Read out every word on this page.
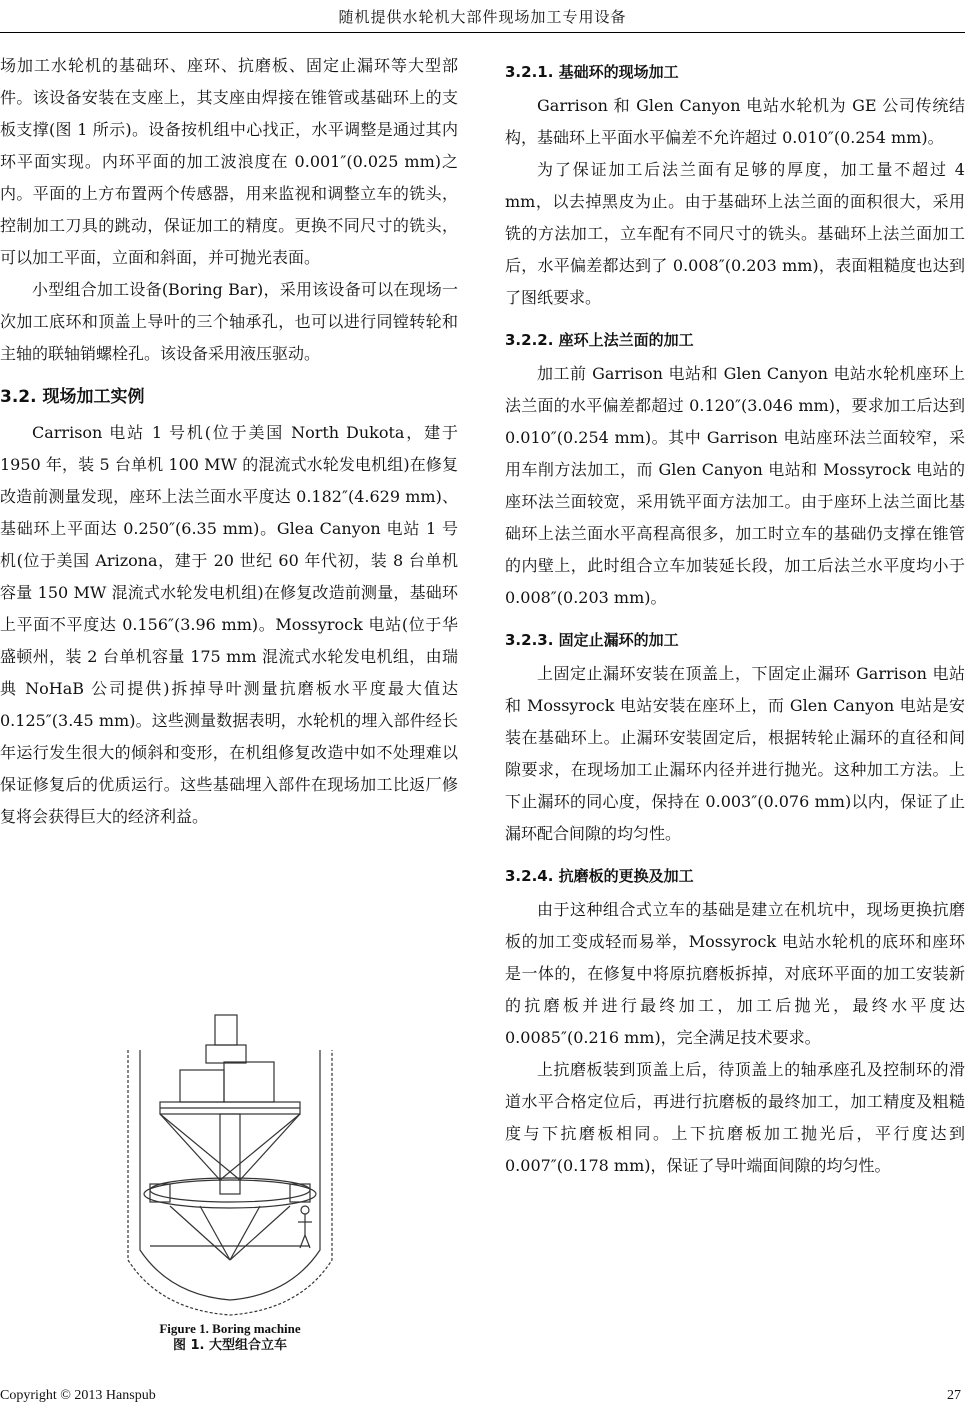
随机提供水轮机大部件现场加工专用设备

场加工水轮机的基础环、座环、抗磨板、固定止漏环等大型部件。该设备安装在支座上，其支座由焊接在锥管或基础环上的支板支撑(图 1 所示)。设备按机组中心找正，水平调整是通过其内环平面实现。内环平面的加工波浪度在 0.001″(0.025 mm)之内。平面的上方布置两个传感器，用来监视和调整立车的铣头，控制加工刀具的跳动，保证加工的精度。更换不同尺寸的铣头，可以加工平面，立面和斜面，并可抛光表面。

小型组合加工设备(Boring Bar)，采用该设备可以在现场一次加工底环和顶盖上导叶的三个轴承孔，也可以进行同镗转轮和主轴的联轴销螺栓孔。该设备采用液压驱动。

3.2. 现场加工实例

Carrison 电站 1 号机(位于美国 North Dukota，建于 1950 年，装 5 台单机 100 MW 的混流式水轮发电机组)在修复改造前测量发现，座环上法兰面水平度达 0.182″(4.629 mm)、基础环上平面达 0.250″(6.35 mm)。Glea Canyon 电站 1 号机(位于美国 Arizona，建于 20 世纪 60 年代初，装 8 台单机容量 150 MW 混流式水轮发电机组)在修复改造前测量，基础环上平面不平度达 0.156″(3.96 mm)。Mossyrock 电站(位于华盛顿州，装 2 台单机容量 175 mm 混流式水轮发电机组，由瑞典 NoHaB 公司提供)拆掉导叶测量抗磨板水平度最大值达 0.125″(3.45 mm)。这些测量数据表明，水轮机的埋入部件经长年运行发生很大的倾斜和变形，在机组修复改造中如不处理难以保证修复后的优质运行。这些基础埋入部件在现场加工比返厂修复将会获得巨大的经济利益。

Figure 1. Boring machine
图 1. 大型组合立车
3.2.1. 基础环的现场加工

Garrison 和 Glen Canyon 电站水轮机为 GE 公司传统结构，基础环上平面水平偏差不允许超过 0.010″(0.254 mm)。

为了保证加工后法兰面有足够的厚度，加工量不超过 4 mm，以去掉黑皮为止。由于基础环上法兰面的面积很大，采用铣的方法加工，立车配有不同尺寸的铣头。基础环上法兰面加工后，水平偏差都达到了 0.008″(0.203 mm)，表面粗糙度也达到了图纸要求。

3.2.2. 座环上法兰面的加工

加工前 Garrison 电站和 Glen Canyon 电站水轮机座环上法兰面的水平偏差都超过 0.120″(3.046 mm)，要求加工后达到 0.010″(0.254 mm)。其中 Garrison 电站座环法兰面较窄，采用车削方法加工，而 Glen Canyon 电站和 Mossyrock 电站的座环法兰面较宽，采用铣平面方法加工。由于座环上法兰面比基础环上法兰面水平高程高很多，加工时立车的基础仍支撑在锥管的内壁上，此时组合立车加装延长段，加工后法兰水平度均小于 0.008″(0.203 mm)。

3.2.3. 固定止漏环的加工

上固定止漏环安装在顶盖上，下固定止漏环 Garrison 电站和 Mossyrock 电站安装在座环上，而 Glen Canyon 电站是安装在基础环上。止漏环安装固定后，根据转轮止漏环的直径和间隙要求，在现场加工止漏环内径并进行抛光。这种加工方法。上下止漏环的同心度，保持在 0.003″(0.076 mm)以内，保证了止漏环配合间隙的均匀性。

3.2.4. 抗磨板的更换及加工

由于这种组合式立车的基础是建立在机坑中，现场更换抗磨板的加工变成轻而易举，Mossyrock 电站水轮机的底环和座环是一体的，在修复中将原抗磨板拆掉，对底环平面的加工安装新的抗磨板并进行最终加工，加工后抛光，最终水平度达 0.0085″(0.216 mm)，完全满足技术要求。

上抗磨板装到顶盖上后，待顶盖上的轴承座孔及控制环的滑道水平合格定位后，再进行抗磨板的最终加工，加工精度及粗糙度与下抗磨板相同。上下抗磨板加工抛光后，平行度达到 0.007″(0.178 mm)，保证了导叶端面间隙的均匀性。

Copyright © 2013 Hanspub	27
